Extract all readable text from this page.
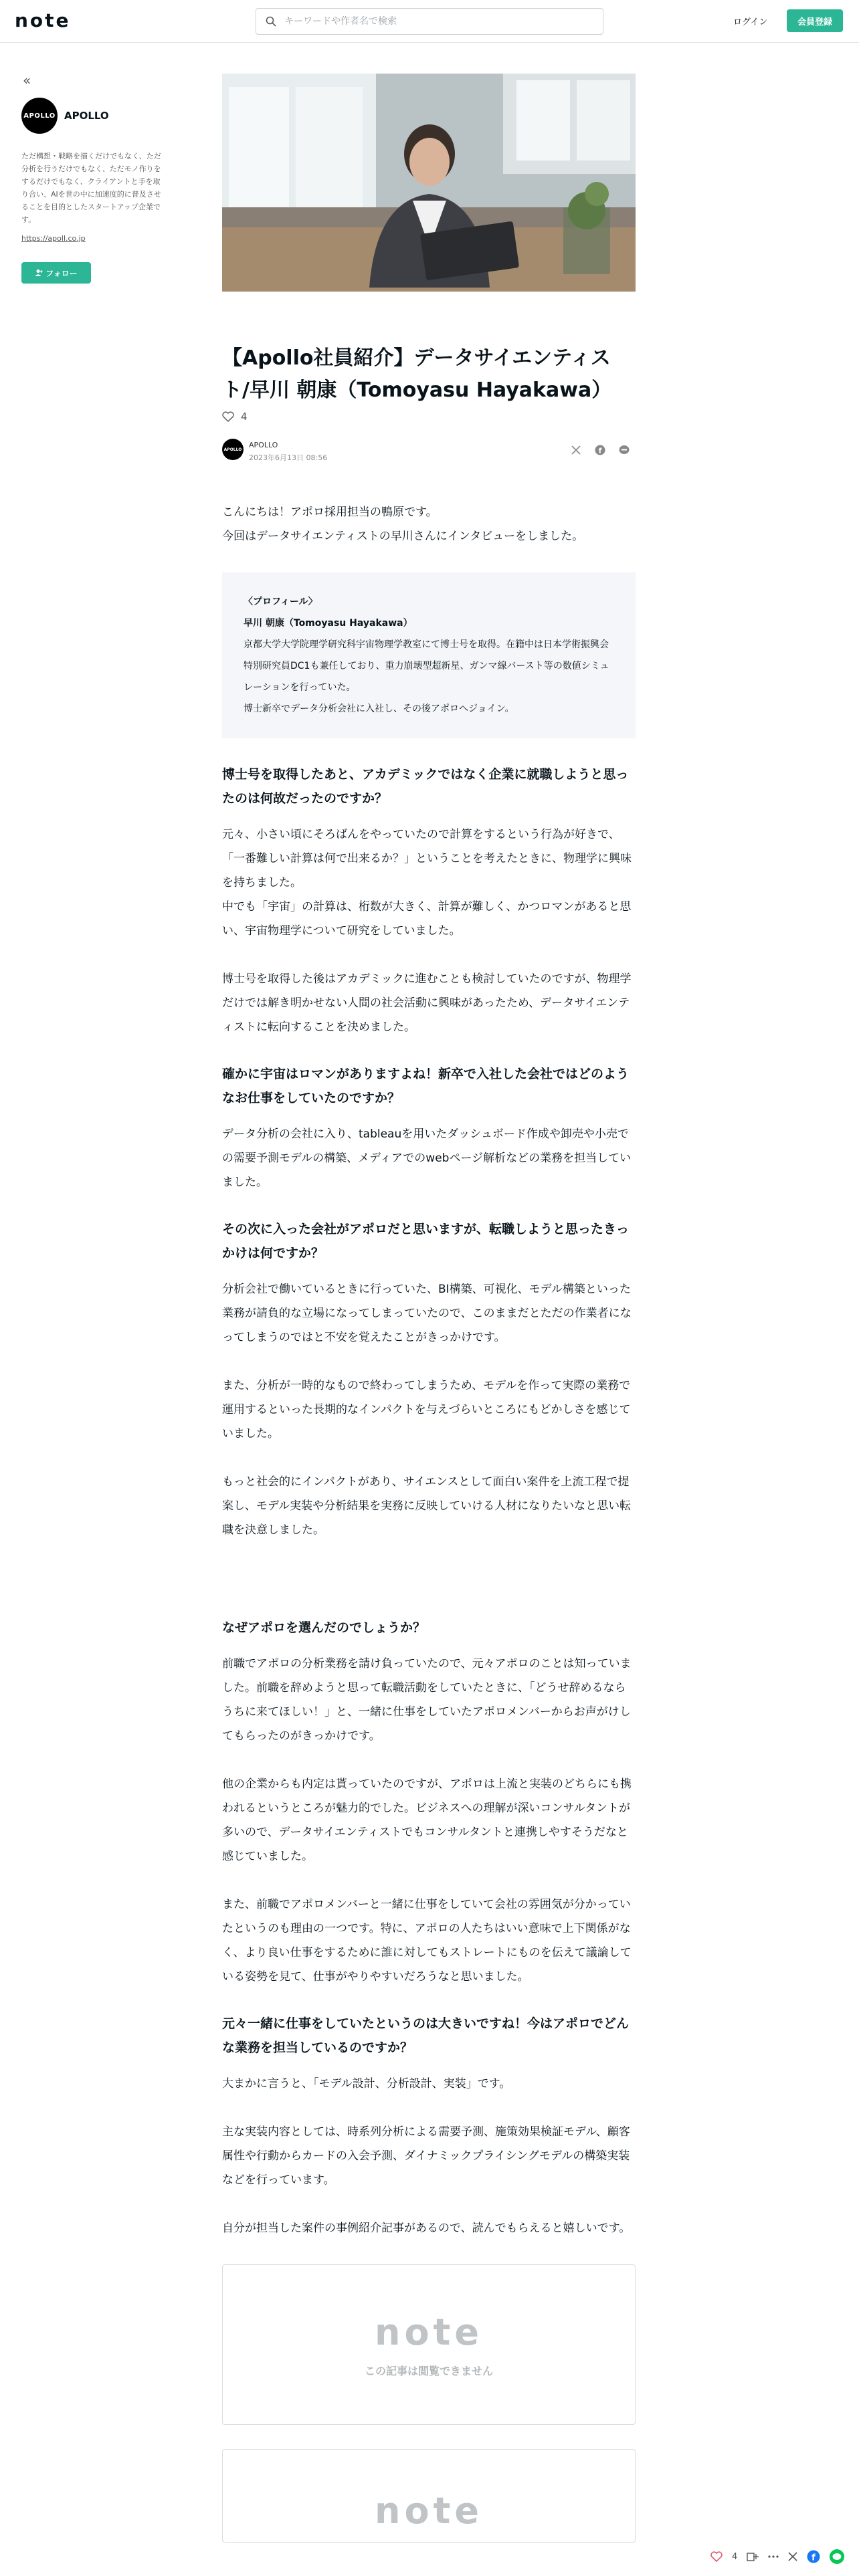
note
キーワードや作者名で検索	ログイン	会員登録
«
APOLLO APOLLO
ただ構想・戦略を描くだけでもなく、ただ分析を行うだけでもなく、ただモノ作りをするだけでもなく、クライアントと手を取り合い、AIを世の中に加速度的に普及させることを目的としたスタートアップ企業です。
https://apoll.co.jp
フォロー
【Apollo社員紹介】データサイエンティスト/早川 朝康（Tomoyasu Hayakawa）
4
APOLLO APOLLO
2023年6月13日 08:56
f

こんにちは！アポロ採用担当の鴨原です。

今回はデータサイエンティストの早川さんにインタビューをしました。

〈プロフィール〉

早川 朝康（Tomoyasu Hayakawa）

京都大学大学院理学研究科宇宙物理学教室にて博士号を取得。在籍中は日本学術振興会特別研究員DC1も兼任しており、重力崩壊型超新星、ガンマ線バースト等の数値シミュレーションを行っていた。

博士新卒でデータ分析会社に入社し、その後アポロへジョイン。

博士号を取得したあと、アカデミックではなく企業に就職しようと思ったのは何故だったのですか？

元々、小さい頃にそろばんをやっていたので計算をするという行為が好きで、「一番難しい計算は何で出来るか？」ということを考えたときに、物理学に興味を持ちました。

中でも「宇宙」の計算は、桁数が大きく、計算が難しく、かつロマンがあると思い、宇宙物理学について研究をしていました。

博士号を取得した後はアカデミックに進むことも検討していたのですが、物理学だけでは解き明かせない人間の社会活動に興味があったため、データサイエンティストに転向することを決めました。

確かに宇宙はロマンがありますよね！新卒で入社した会社ではどのようなお仕事をしていたのですか？

データ分析の会社に入り、tableauを用いたダッシュボード作成や卸売や小売での需要予測モデルの構築、メディアでのwebページ解析などの業務を担当していました。

その次に入った会社がアポロだと思いますが、転職しようと思ったきっかけは何ですか？

分析会社で働いているときに行っていた、BI構築、可視化、モデル構築といった業務が請負的な立場になってしまっていたので、このままだとただの作業者になってしまうのではと不安を覚えたことがきっかけです。

また、分析が一時的なもので終わってしまうため、モデルを作って実際の業務で運用するといった長期的なインパクトを与えづらいところにもどかしさを感じていました。

もっと社会的にインパクトがあり、サイエンスとして面白い案件を上流工程で提案し、モデル実装や分析結果を実務に反映していける人材になりたいなと思い転職を決意しました。

なぜアポロを選んだのでしょうか？

前職でアポロの分析業務を請け負っていたので、元々アポロのことは知っていました。前職を辞めようと思って転職活動をしていたときに、「どうせ辞めるならうちに来てほしい！」と、一緒に仕事をしていたアポロメンバーからお声がけしてもらったのがきっかけです。

他の企業からも内定は貰っていたのですが、アポロは上流と実装のどちらにも携われるというところが魅力的でした。ビジネスへの理解が深いコンサルタントが多いので、データサイエンティストでもコンサルタントと連携しやすそうだなと感じていました。

また、前職でアポロメンバーと一緒に仕事をしていて会社の雰囲気が分かっていたというのも理由の一つです。特に、アポロの人たちはいい意味で上下関係がなく、より良い仕事をするために誰に対してもストレートにものを伝えて議論している姿勢を見て、仕事がやりやすいだろうなと思いました。

元々一緒に仕事をしていたというのは大きいですね！今はアポロでどんな業務を担当しているのですか？

大まかに言うと、「モデル設計、分析設計、実装」です。

主な実装内容としては、時系列分析による需要予測、施策効果検証モデル、顧客属性や行動からカードの入会予測、ダイナミックプライシングモデルの構築実装などを行っています。

自分が担当した案件の事例紹介記事があるので、読んでもらえると嬉しいです。

note
この記事は閲覧できません
note
4	f
